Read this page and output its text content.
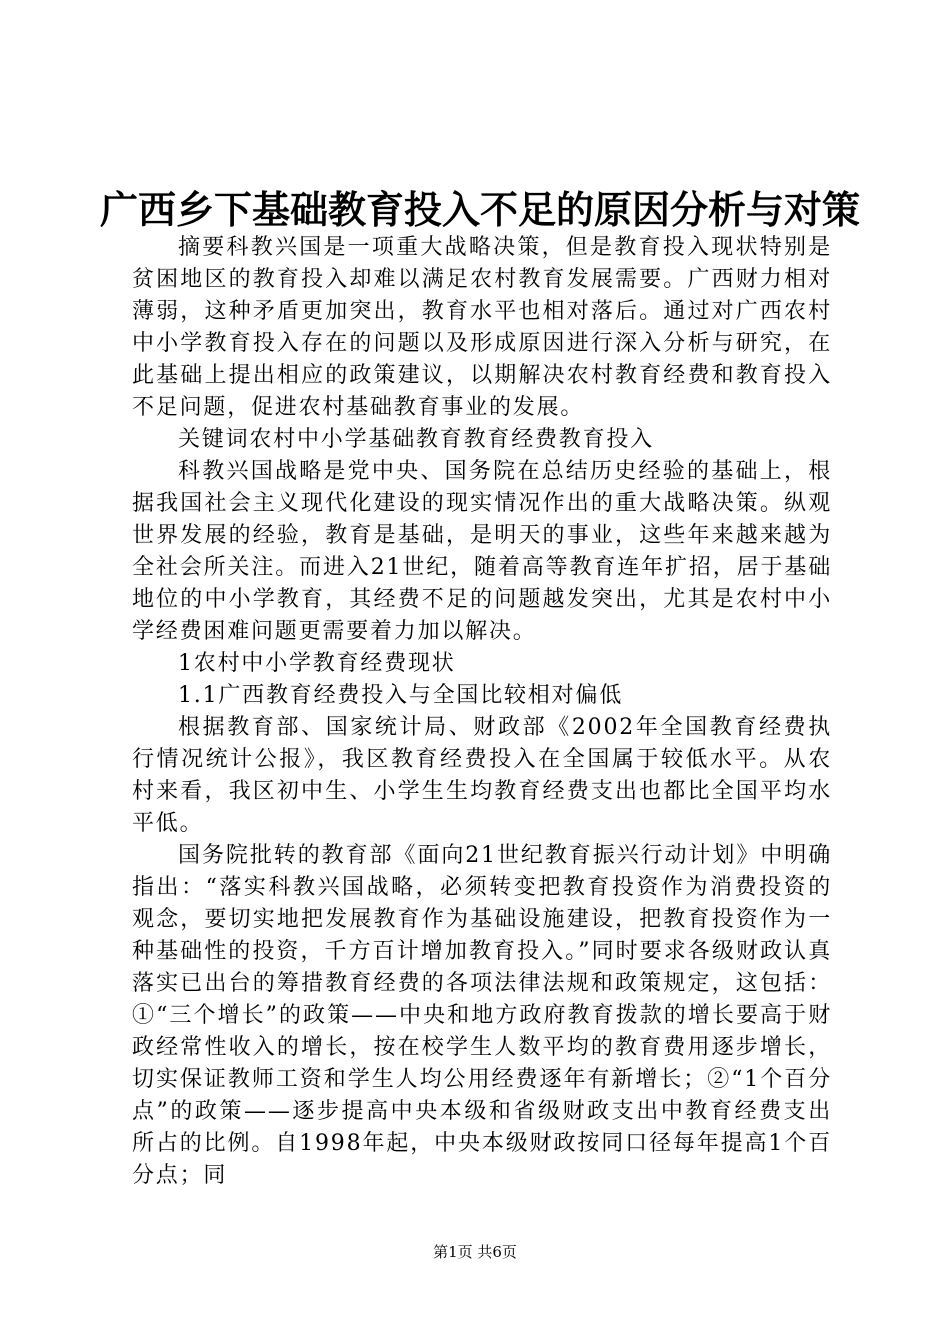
广西乡下基础教育投入不足的原因分析与对策

摘要科教兴国是一项重大战略决策，但是教育投入现状特别是贫困地区的教育投入却难以满足农村教育发展需要。广西财力相对薄弱，这种矛盾更加突出，教育水平也相对落后。通过对广西农村中小学教育投入存在的问题以及形成原因进行深入分析与研究，在此基础上提出相应的政策建议，以期解决农村教育经费和教育投入不足问题，促进农村基础教育事业的发展。

关键词农村中小学基础教育教育经费教育投入

科教兴国战略是党中央、国务院在总结历史经验的基础上，根据我国社会主义现代化建设的现实情况作出的重大战略决策。纵观世界发展的经验，教育是基础，是明天的事业，这些年来越来越为全社会所关注。而进入21世纪，随着高等教育连年扩招，居于基础地位的中小学教育，其经费不足的问题越发突出，尤其是农村中小学经费困难问题更需要着力加以解决。

1农村中小学教育经费现状

1.1广西教育经费投入与全国比较相对偏低

根据教育部、国家统计局、财政部《2002年全国教育经费执行情况统计公报》，我区教育经费投入在全国属于较低水平。从农村来看，我区初中生、小学生生均教育经费支出也都比全国平均水平低。

国务院批转的教育部《面向21世纪教育振兴行动计划》中明确指出：“落实科教兴国战略，必须转变把教育投资作为消费投资的观念，要切实地把发展教育作为基础设施建设，把教育投资作为一种基础性的投资，千方百计增加教育投入。”同时要求各级财政认真落实已出台的筹措教育经费的各项法律法规和政策规定，这包括：①“三个增长”的政策——中央和地方政府教育拨款的增长要高于财政经常性收入的增长，按在校学生人数平均的教育费用逐步增长，切实保证教师工资和学生人均公用经费逐年有新增长；②“1个百分点”的政策——逐步提高中央本级和省级财政支出中教育经费支出所占的比例。自1998年起，中央本级财政按同口径每年提高1个百分点；同

第1页 共6页
